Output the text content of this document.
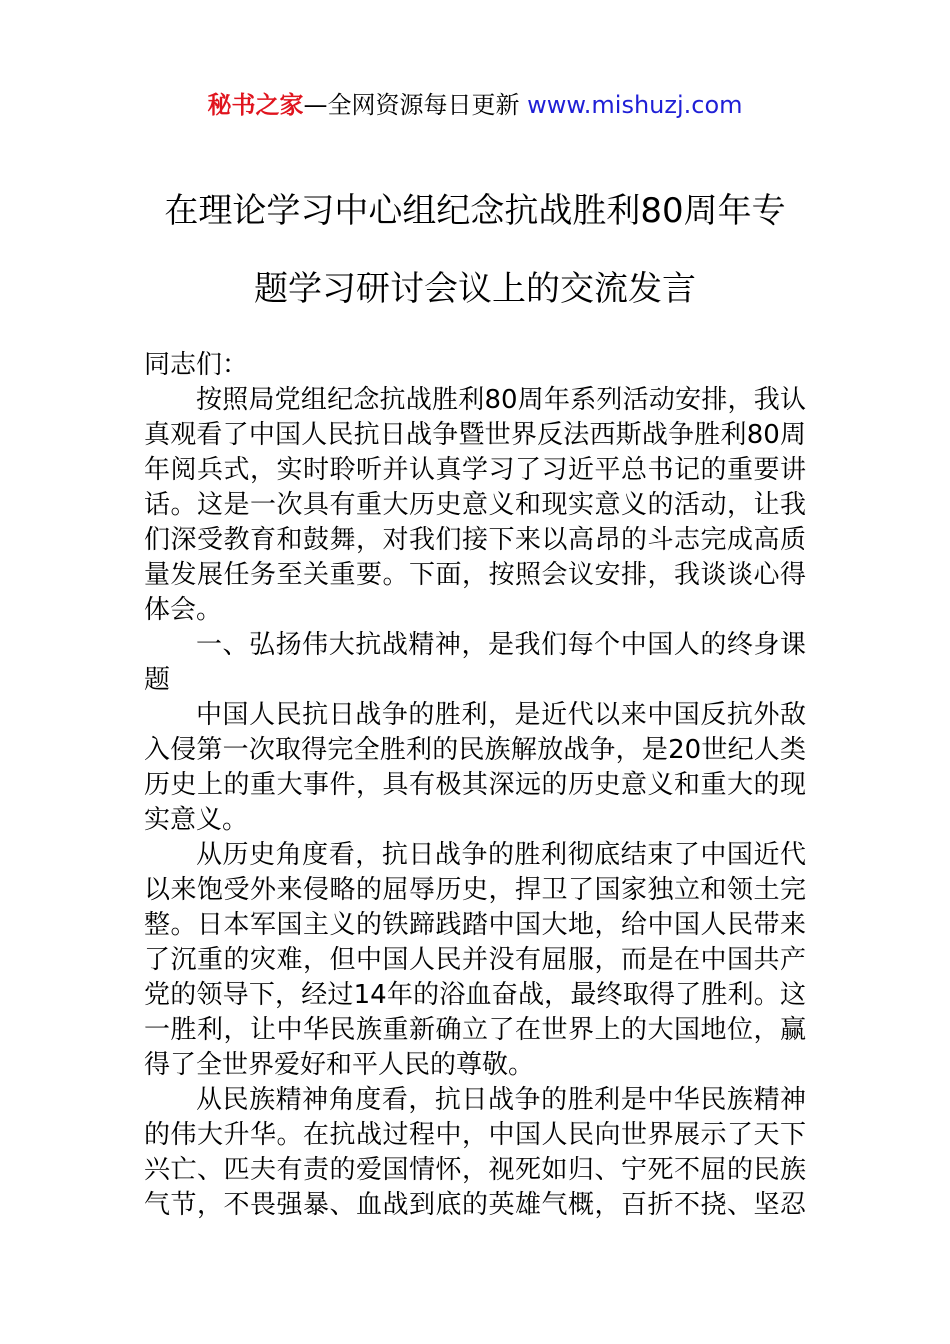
秘书之家—全网资源每日更新 www.mishuzj.com
在理论学习中心组纪念抗战胜利80周年专
题学习研讨会议上的交流发言
同志们：
按照局党组纪念抗战胜利80周年系列活动安排，我认
真观看了中国人民抗日战争暨世界反法西斯战争胜利80周
年阅兵式，实时聆听并认真学习了习近平总书记的重要讲
话。这是一次具有重大历史意义和现实意义的活动，让我
们深受教育和鼓舞，对我们接下来以高昂的斗志完成高质
量发展任务至关重要。下面，按照会议安排，我谈谈心得
体会。
一、弘扬伟大抗战精神，是我们每个中国人的终身课
题
中国人民抗日战争的胜利，是近代以来中国反抗外敌
入侵第一次取得完全胜利的民族解放战争，是20世纪人类
历史上的重大事件，具有极其深远的历史意义和重大的现
实意义。
从历史角度看，抗日战争的胜利彻底结束了中国近代
以来饱受外来侵略的屈辱历史，捍卫了国家独立和领土完
整。日本军国主义的铁蹄践踏中国大地，给中国人民带来
了沉重的灾难，但中国人民并没有屈服，而是在中国共产
党的领导下，经过14年的浴血奋战，最终取得了胜利。这
一胜利，让中华民族重新确立了在世界上的大国地位，赢
得了全世界爱好和平人民的尊敬。
从民族精神角度看，抗日战争的胜利是中华民族精神
的伟大升华。在抗战过程中，中国人民向世界展示了天下
兴亡、匹夫有责的爱国情怀，视死如归、宁死不屈的民族
气节，不畏强暴、血战到底的英雄气概，百折不挠、坚忍
